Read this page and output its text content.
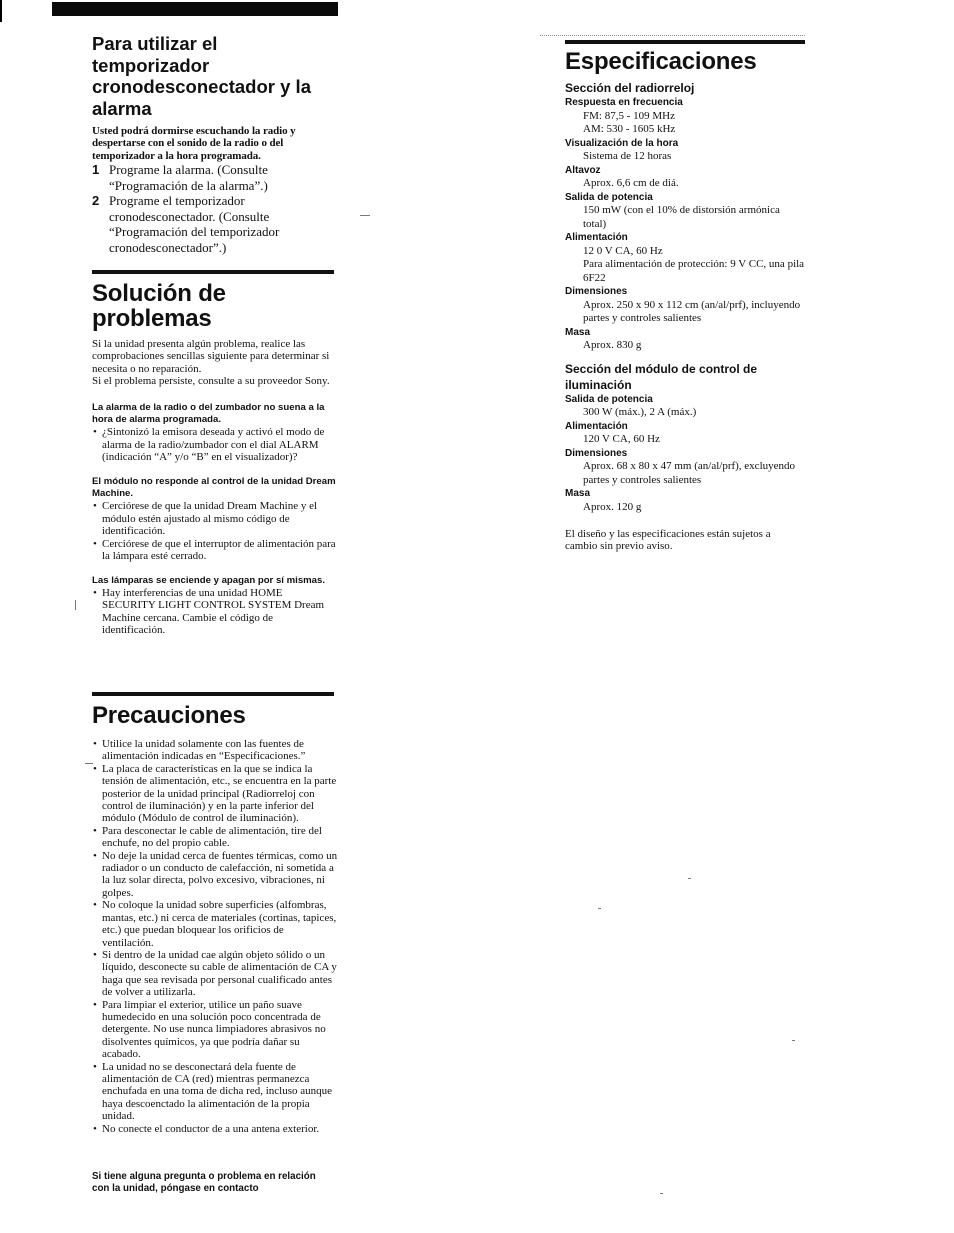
Para utilizar el temporizador cronodesconectador y la alarma

Usted podrá dormirse escuchando la radio y despertarse con el sonido de la radio o del temporizador a la hora programada.

1 Programe la alarma. (Consulte “Programación de la alarma”.)
2 Programe el temporizador cronodesconectador. (Consulte “Programación del temporizador cronodesconectador”.)
Solución de problemas

Si la unidad presenta algún problema, realice las comprobaciones sencillas siguiente para determinar si necesita o no reparación.

Si el problema persiste, consulte a su proveedor Sony.

La alarma de la radio o del zumbador no suena a la hora de alarma programada.

• ¿Sintonizó la emisora deseada y activó el modo de alarma de la radio/zumbador con el dial ALARM (indicación “A” y/o “B” en el visualizador)?

El módulo no responde al control de la unidad Dream Machine.

• Cerciórese de que la unidad Dream Machine y el módulo estén ajustado al mismo código de identificación.
• Cerciórese de que el interruptor de alimentación para la lámpara esté cerrado.

Las lámparas se enciende y apagan por sí mismas.

• Hay interferencias de una unidad HOME SECURITY LIGHT CONTROL SYSTEM Dream Machine cercana. Cambie el código de identificación.
Precauciones
• Utilice la unidad solamente con las fuentes de alimentación indicadas en “Especificaciones.”
• La placa de características en la que se indica la tensión de alimentación, etc., se encuentra en la parte posterior de la unidad principal (Radiorreloj con control de iluminación) y en la parte inferior del módulo (Módulo de control de iluminación).
• Para desconectar le cable de alimentación, tire del enchufe, no del propio cable.
• No deje la unidad cerca de fuentes térmicas, como un radiador o un conducto de calefacción, ni sometida a la luz solar directa, polvo excesivo, vibraciones, ni golpes.
• No coloque la unidad sobre superficies (alfombras, mantas, etc.) ni cerca de materiales (cortinas, tapices, etc.) que puedan bloquear los orificios de ventilación.
• Si dentro de la unidad cae algún objeto sólido o un líquido, desconecte su cable de alimentación de CA y haga que sea revisada por personal cualificado antes de volver a utilizarla.
• Para limpiar el exterior, utilice un paño suave humedecido en una solución poco concentrada de detergente. No use nunca limpiadores abrasivos no disolventes químicos, ya que podría dañar su acabado.
• La unidad no se desconectará dela fuente de alimentación de CA (red) mientras permanezca enchufada en una toma de dicha red, incluso aunque haya descoenctado la alimentación de la propia unidad.
• No conecte el conductor de a una antena exterior.

Si tiene alguna pregunta o problema en relación con la unidad, póngase en contacto

Especificaciones

Sección del radiorreloj

Respuesta en frecuencia

FM: 87,5 - 109 MHz

AM: 530 - 1605 kHz

Visualización de la hora

Sistema de 12 horas

Altavoz

Aprox. 6,6 cm de diá.

Salida de potencia

150 mW (con el 10% de distorsión armónica total)

Alimentación

12 0 V CA, 60 Hz

Para alimentación de protección: 9 V CC, una pila 6F22

Dimensiones

Aprox. 250 x 90 x 112 cm (an/al/prf), incluyendo partes y controles salientes

Masa

Aprox. 830 g

Sección del módulo de control de iluminación

Salida de potencia

300 W (máx.), 2 A (máx.)

Alimentación

120 V CA, 60 Hz

Dimensiones

Aprox. 68 x 80 x 47 mm (an/al/prf), excluyendo partes y controles salientes

Masa

Aprox. 120 g

El diseño y las especificaciones están sujetos a cambio sin previo aviso.
